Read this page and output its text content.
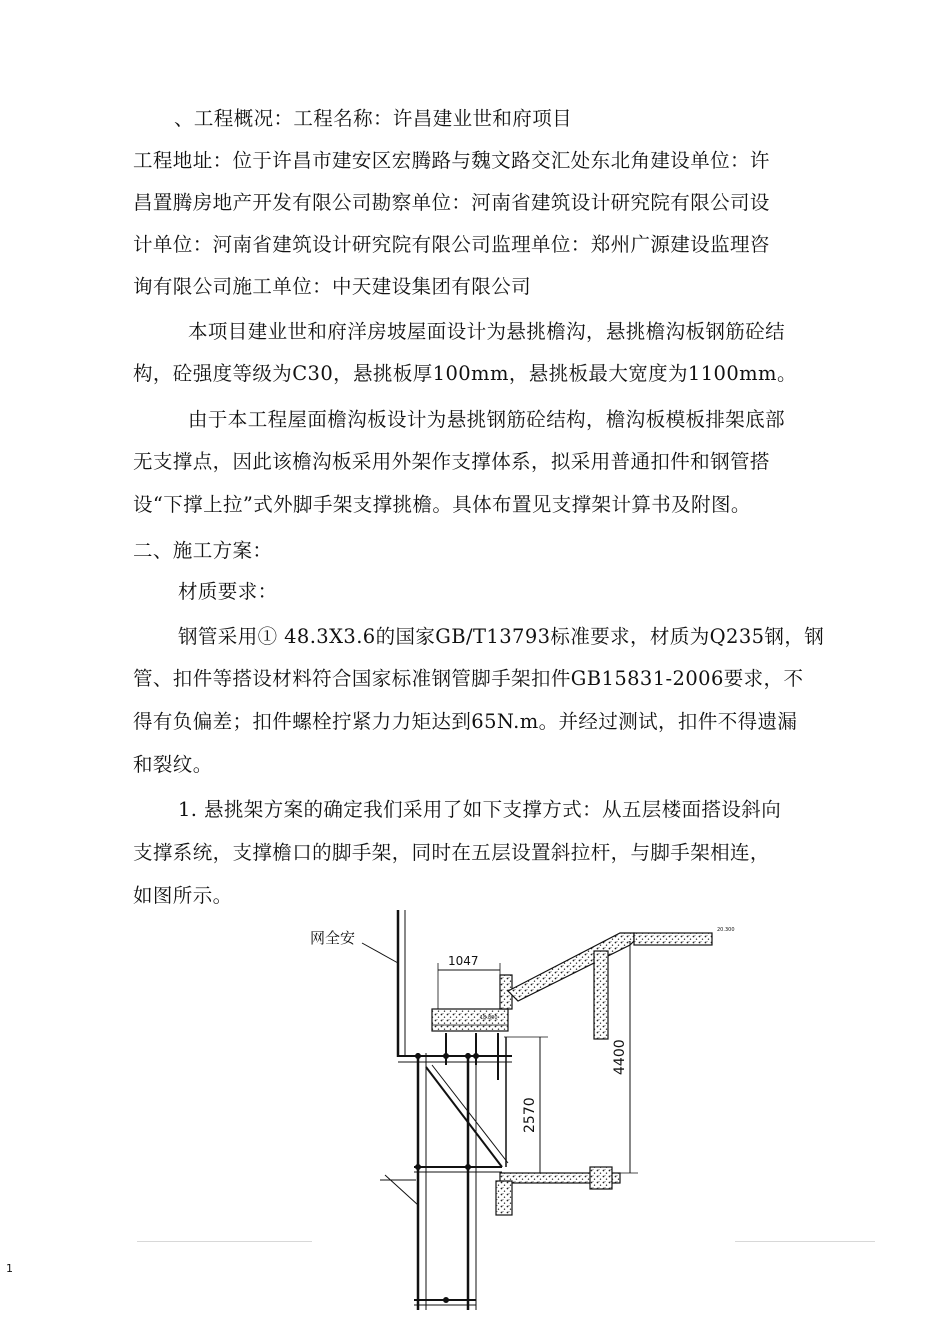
、工程概况：工程名称：许昌建业世和府项目
工程地址：位于许昌市建安区宏腾路与魏文路交汇处东北角建设单位：许
昌置腾房地产开发有限公司勘察单位：河南省建筑设计研究院有限公司设
计单位：河南省建筑设计研究院有限公司监理单位：郑州广源建设监理咨
询有限公司施工单位：中天建设集团有限公司
本项目建业世和府洋房坡屋面设计为悬挑檐沟，悬挑檐沟板钢筋砼结
构，砼强度等级为C30，悬挑板厚100mm，悬挑板最大宽度为1100mm。
由于本工程屋面檐沟板设计为悬挑钢筋砼结构，檐沟板模板排架底部
无支撑点，因此该檐沟板采用外架作支撑体系，拟采用普通扣件和钢管搭
设“下撑上拉”式外脚手架支撑挑檐。具体布置见支撑架计算书及附图。
二、施工方案：
材质要求：
钢管采用① 48.3X3.6的国家GB/T13793标准要求，材质为Q235钢，钢
管、扣件等搭设材料符合国家标准钢管脚手架扣件GB15831-2006要求，不
得有负偏差；扣件螺栓拧紧力力矩达到65N.m。并经过测试，扣件不得遗漏
和裂纹。
1. 悬挑架方案的确定我们采用了如下支撑方式：从五层楼面搭设斜向
支撑系统，支撑檐口的脚手架，同时在五层设置斜拉杆，与脚手架相连，
如图所示。
网全安
18.800
20.300
1047
2570
4400
1
